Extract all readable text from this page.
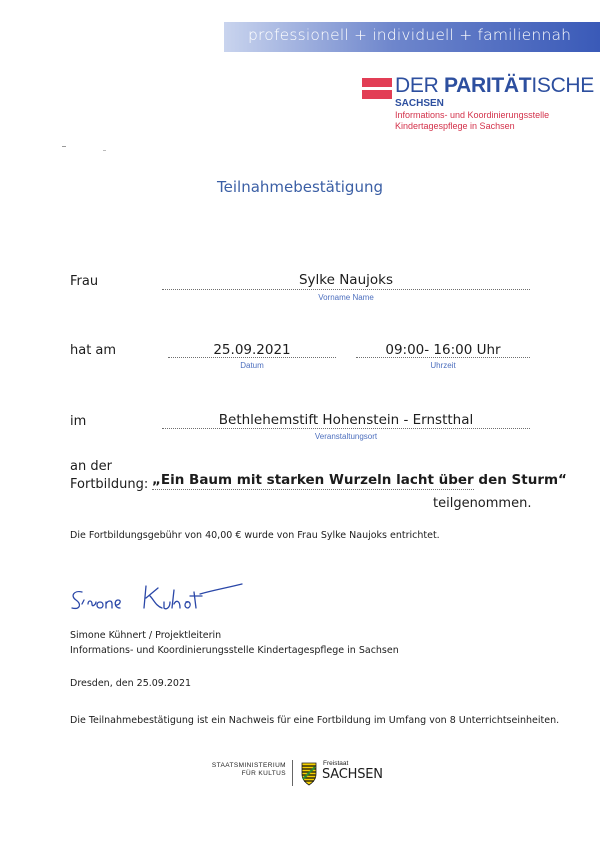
professionell + individuell + familiennah
DER PARITÄTISCHE
SACHSEN
Informations- und Koordinierungsstelle
Kindertagespflege in Sachsen
Teilnahmebestätigung
Frau	Sylke Naujoks
Vorname Name
hat am	25.09.2021
Datum
09:00- 16:00 Uhr
Uhrzeit
im	Bethlehemstift Hohenstein - Ernstthal
Veranstaltungsort
an der
Fortbildung: „Ein Baum mit starken Wurzeln lacht über den Sturm“
teilgenommen.
Die Fortbildungsgebühr von 40,00 € wurde von Frau Sylke Naujoks entrichtet.
Simone Kühnert / Projektleiterin
Informations- und Koordinierungsstelle Kindertagespflege in Sachsen
Dresden, den 25.09.2021
Die Teilnahmebestätigung ist ein Nachweis für eine Fortbildung im Umfang von 8 Unterrichtseinheiten.
STAATSMINISTERIUM
FÜR KULTUS
Freistaat
SACHSEN
